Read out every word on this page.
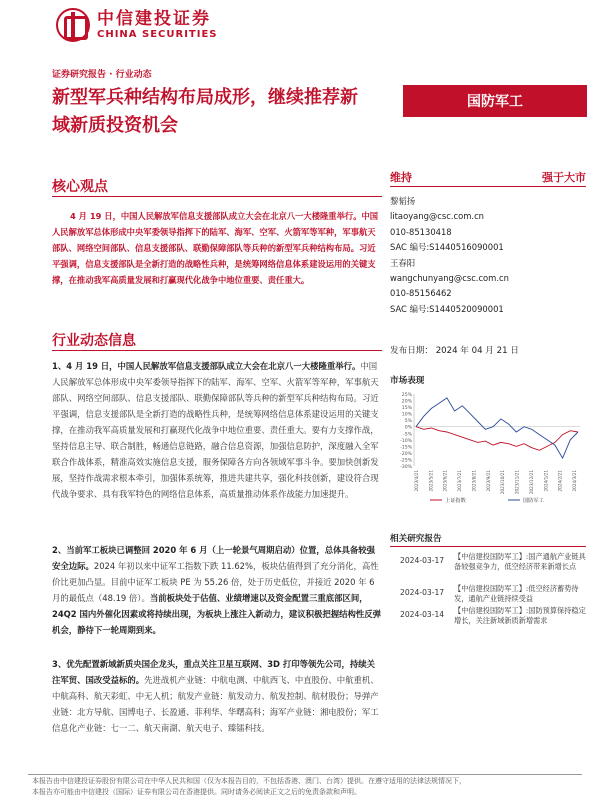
中信建投证券
CHINA SECURITIES
证券研究报告 · 行业动态
新型军兵种结构布局成形，继续推荐新域新质投资机会
国防军工
核心观点
4 月 19 日，中国人民解放军信息支援部队成立大会在北京八一大楼隆重举行。中国人民解放军总体形成中央军委领导指挥下的陆军、海军、空军、火箭军等军种，军事航天部队、网络空间部队、信息支援部队、联勤保障部队等兵种的新型军兵种结构布局。习近平强调，信息支援部队是全新打造的战略性兵种，是统筹网络信息体系建设运用的关键支撑，在推动我军高质量发展和打赢现代化战争中地位重要、责任重大。
维持	强于大市
黎韬扬
litaoyang@csc.com.cn
010-85130418
SAC 编号:S1440516090001
王春阳
wangchunyang@csc.com.cn
010-85156462
SAC 编号:S1440520090001
发布日期： 2024 年 04 月 21 日
市场表现
25%
20%
15%
10%
5%
0%
-5%
-10%
-15%
-20%
-25%
-30%
2023/4/21 2023/5/21 2023/6/21 2023/7/21 2023/8/21 2023/9/21 2023/10/21 2023/11/21 2023/12/21 2024/1/21 2024/2/21 2024/3/21
上证指数	国防军工
相关研究报告
2024-03-17	【中信建投国防军工】:国产通航产业链具备较强竞争力，低空经济带来新增长点
2024-03-17	【中信建投国防军工】:低空经济蓄势待发，通航产业链持续受益
2024-03-14	【中信建投国防军工】:国防预算保持稳定增长，关注新域新质新增需求
行业动态信息
1、4 月 19 日，中国人民解放军信息支援部队成立大会在北京八一大楼隆重举行。中国人民解放军总体形成中央军委领导指挥下的陆军、海军、空军、火箭军等军种，军事航天部队、网络空间部队、信息支援部队、联勤保障部队等兵种的新型军兵种结构布局。习近平强调，信息支援部队是全新打造的战略性兵种，是统筹网络信息体系建设运用的关键支撑，在推动我军高质量发展和打赢现代化战争中地位重要、责任重大。要有力支撑作战，坚持信息主导、联合制胜，畅通信息链路，融合信息资源，加强信息防护，深度融入全军联合作战体系，精准高效实施信息支援，服务保障各方向各领域军事斗争。要加快创新发展，坚持作战需求根本牵引，加强体系统筹，推进共建共享，强化科技创新，建设符合现代战争要求、具有我军特色的网络信息体系，高质量推动体系作战能力加速提升。
2、当前军工板块已调整回 2020 年 6 月（上一轮景气周期启动）位置，总体具备较强安全边际。2024 年初以来中证军工指数下跌 11.62%，板块估值得到了充分消化，高性价比更加凸显。目前中证军工板块 PE 为 55.26 倍，处于历史低位，并接近 2020 年 6 月的最低点（48.19 倍）。当前板块处于估值、业绩增速以及资金配置三重底部区间，24Q2 国内外催化因素或将持续出现，为板块上涨注入新动力，建议积极把握结构性反弹机会，静待下一轮周期到来。
3、优先配置新域新质央国企龙头，重点关注卫星互联网、3D 打印等领先公司，持续关注军贸、国改受益标的。先进战机产业链：中航电测、中航西飞、中直股份、中航重机、中航高科、航天彩虹、中无人机；航发产业链：航发动力、航发控制、航材股份；导弹产业链：北方导航、国博电子、长盈通、菲利华、华曙高科；海军产业链：湘电股份；军工信息化产业链：七一二、航天南湖、航天电子、臻镭科技。
本报告由中信建投证券股份有限公司在中华人民共和国（仅为本报告目的，不包括香港、澳门、台湾）提供。在遵守适用的法律法规情况下，
本报告亦可能由中信建投（国际）证券有限公司在香港提供。同时请务必阅读正文之后的免责条款和声明。
